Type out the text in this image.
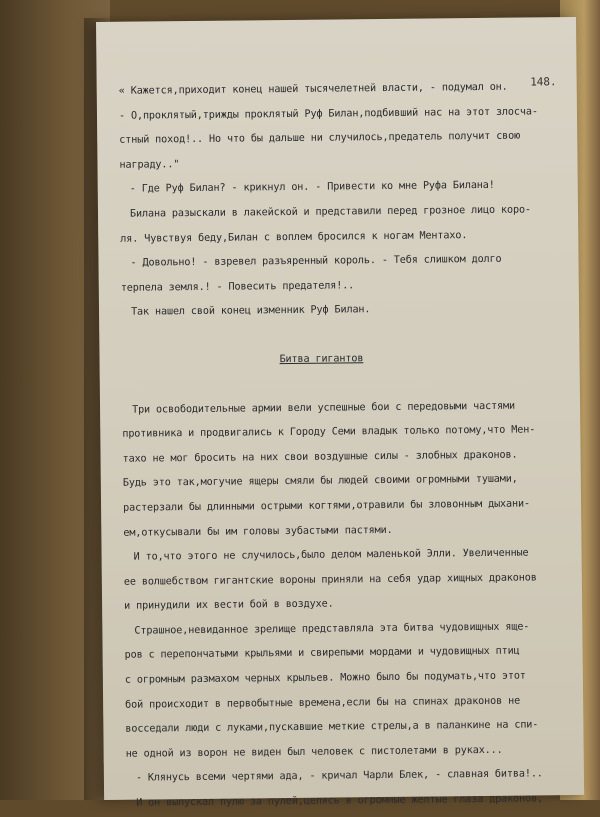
148.
« Кажется,приходит конец нашей тысячелетней власти, - подумал он.
- О,проклятый,трижды проклятый Руф Билан,подбивший нас на этот злосча-
стный поход!.. Но что бы дальше ни случилось,предатель получит свою
награду.."
- Где Руф Билан? - крикнул он. - Привести ко мне Руфа Билана!
Билана разыскали в лакейской и представили перед грозное лицо коро-
ля. Чувствуя беду,Билан с воплем бросился к ногам Ментахо.
- Довольно! - взревел разъяренный король. - Тебя слишком долго
терпела земля.! - Повесить предателя!..
Так нашел свой конец изменник Руф Билан.
Битва гигантов
Три освободительные армии вели успешные бои с передовыми частями
противника и продвигались к Городу Семи владык только потому,что Мен-
тахо не мог бросить на них свои воздушные силы - злобных драконов.
Будь это так,могучие ящеры смяли бы людей своими огромными тушами,
растерзали бы длинными острыми когтями,отравили бы зловонным дыхани-
ем,откусывали бы им головы зубастыми пастями.
И то,что этого не случилось,было делом маленькой Элли. Увеличенные
ее волшебством гигантские вороны приняли на себя удар хищных драконов
и принудили их вести бой в воздухе.
Страшное,невиданное зрелище представляла эта битва чудовищных яще-
ров с перепончатыми крыльями и свирепыми мордами и чудовищных птиц
с огромным размахом черных крыльев. Можно было бы подумать,что этот
бой происходит в первобытные времена,если бы на спинах драконов не
восседали люди с луками,пускавшие меткие стрелы,а в паланкине на спи-
не одной из ворон не виден был человек с пистолетами в руках...
- Клянусь всеми чертями ада, - кричал Чарли Блек, - славная битва!..
И он выпускал пулю за пулей,целясь в огромные желтые глаза драконов,
